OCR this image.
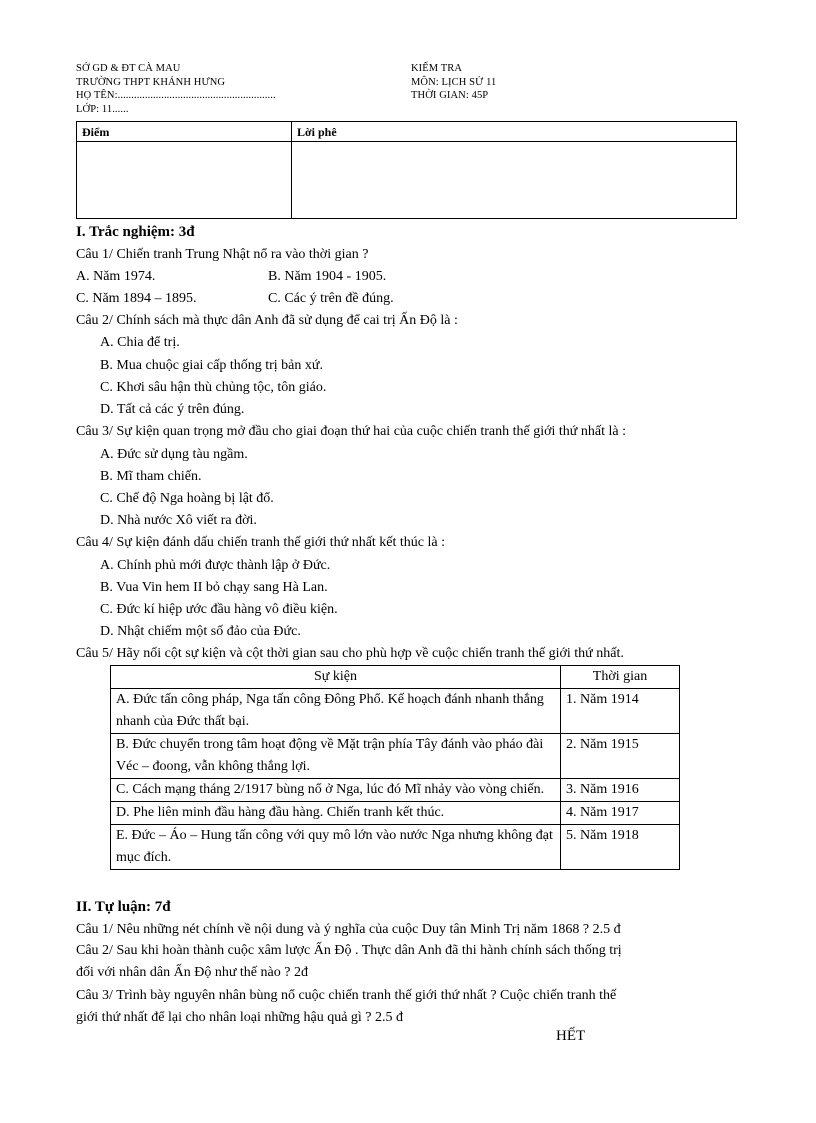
SỞ GD & ĐT CÀ MAU
TRƯỜNG THPT KHÁNH HƯNG
HỌ TÊN:..........................................................
LỚP: 11......
KIỂM TRA
MÔN: LỊCH SỬ 11
THỜI GIAN: 45P
Điểm	Lời phê
I. Trắc nghiệm: 3đ
Câu 1/ Chiến tranh Trung Nhật nổ ra vào thời gian ?
A. Năm 1974.	B. Năm 1904 - 1905.
C. Năm 1894 – 1895.	C. Các ý trên đề đúng.
Câu 2/ Chính sách mà thực dân Anh đã sử dụng để cai trị Ấn Độ là :
A. Chia để trị.
B. Mua chuộc giai cấp thống trị bản xứ.
C. Khơi sâu hận thù chủng tộc, tôn giáo.
D. Tất cả các ý trên đúng.
Câu 3/ Sự kiện quan trọng mở đầu cho giai đoạn thứ hai của cuộc chiến tranh thế giới thứ nhất là :
A. Đức sử dụng tàu ngầm.
B. Mĩ tham chiến.
C. Chế độ Nga hoàng bị lật đổ.
D. Nhà nước Xô viết ra đời.
Câu 4/ Sự kiện đánh dấu chiến tranh thế giới thứ nhất kết thúc là :
A. Chính phủ mới được thành lập ở Đức.
B. Vua Vin hem II bỏ chạy sang Hà Lan.
C. Đức kí hiệp ước đầu hàng vô điều kiện.
D. Nhật chiếm một số đảo của Đức.
Câu 5/ Hãy nối cột sự kiện và cột thời gian sau cho phù hợp về cuộc chiến tranh thế giới thứ nhất.
Sự kiện	Thời gian
A. Đức tấn công pháp, Nga tấn công Đông Phổ. Kế hoạch đánh nhanh thắng nhanh của Đức thất bại.	1. Năm 1914
B. Đức chuyển trong tâm hoạt động về Mặt trận phía Tây đánh vào pháo đài Véc – đoong, vẫn không thắng lợi.	2. Năm 1915
C. Cách mạng tháng 2/1917 bùng nổ ở Nga, lúc đó Mĩ nhảy vào vòng chiến.	3. Năm 1916
D. Phe liên minh đầu hàng đầu hàng. Chiến tranh kết thúc.	4. Năm 1917
E. Đức – Áo – Hung tấn công với quy mô lớn vào nước Nga nhưng không đạt mục đích.	5. Năm 1918
II. Tự luận: 7đ
Câu 1/ Nêu những nét chính về nội dung và ý nghĩa của cuộc Duy tân Minh Trị năm 1868 ? 2.5 đ
Câu 2/ Sau khi hoàn thành cuộc xâm lược Ấn Độ . Thực dân Anh đã thi hành chính sách thống trị
đối với nhân dân Ấn Độ như thế nào ? 2đ
Câu 3/ Trình bày nguyên nhân bùng nổ cuộc chiến tranh thế giới thứ nhất ? Cuộc chiến tranh thế
giới thứ nhất để lại cho nhân loại những hậu quả gì ? 2.5 đ
HẾT
